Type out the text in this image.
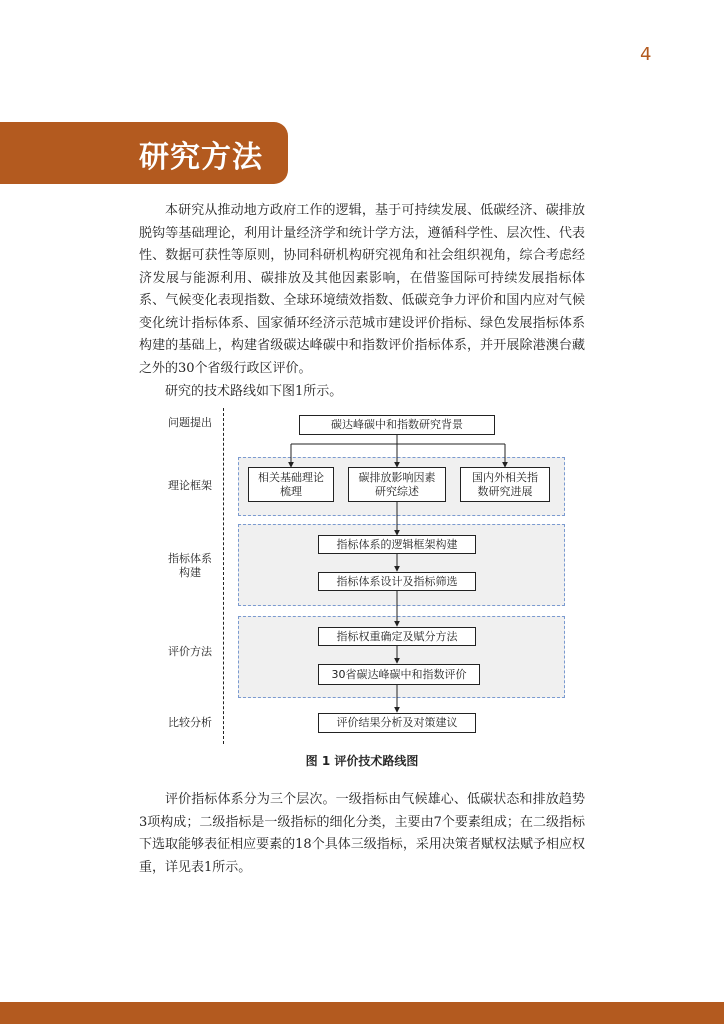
4
研究方法

本研究从推动地方政府工作的逻辑，基于可持续发展、低碳经济、碳排放脱钩等基础理论，利用计量经济学和统计学方法，遵循科学性、层次性、代表性、数据可获性等原则，协同科研机构研究视角和社会组织视角，综合考虑经济发展与能源利用、碳排放及其他因素影响，在借鉴国际可持续发展指标体系、气候变化表现指数、全球环境绩效指数、低碳竞争力评价和国内应对气候变化统计指标体系、国家循环经济示范城市建设评价指标、绿色发展指标体系构建的基础上，构建省级碳达峰碳中和指数评价指标体系，并开展除港澳台藏之外的30个省级行政区评价。

研究的技术路线如下图1所示。

问题提出
理论框架
指标体系
构建
评价方法
比较分析
碳达峰碳中和指数研究背景
相关基础理论
梳理
碳排放影响因素
研究综述
国内外相关指
数研究进展
指标体系的逻辑框架构建
指标体系设计及指标筛选
指标权重确定及赋分方法
30省碳达峰碳中和指数评价
评价结果分析及对策建议
图 1 评价技术路线图

评价指标体系分为三个层次。一级指标由气候雄心、低碳状态和排放趋势3项构成；二级指标是一级指标的细化分类，主要由7个要素组成；在二级指标下选取能够表征相应要素的18个具体三级指标，采用决策者赋权法赋予相应权重，详见表1所示。
